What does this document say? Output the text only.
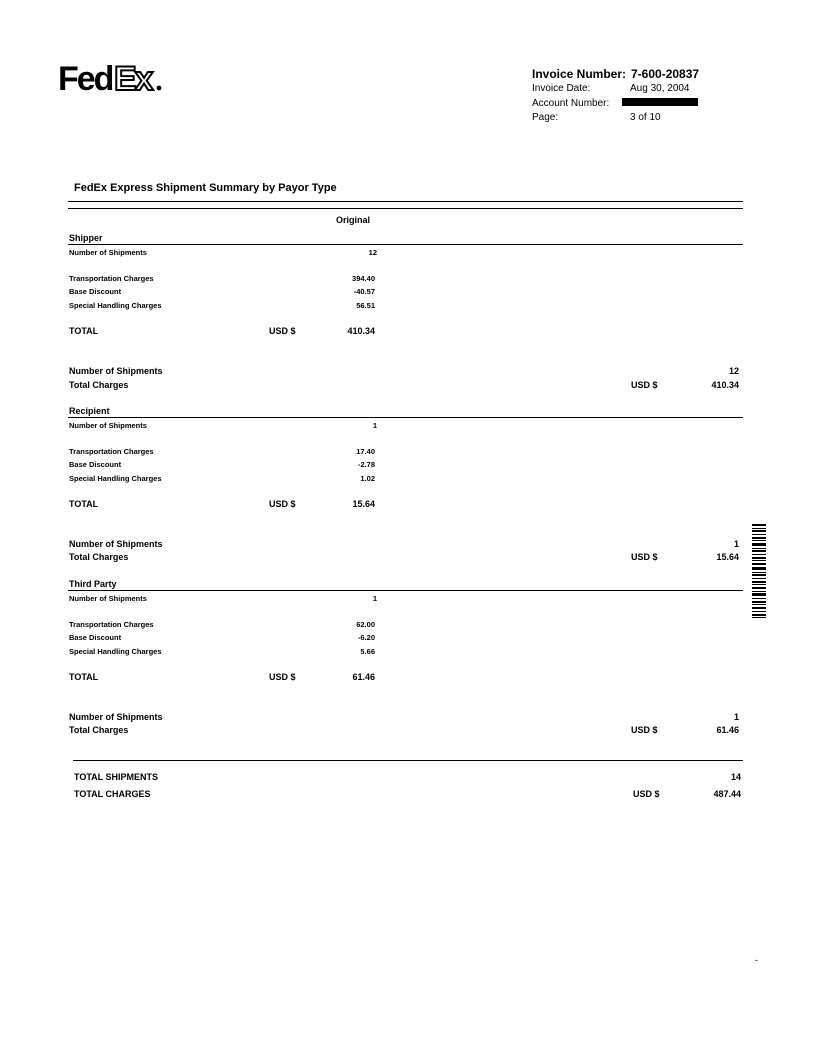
Fed Ex	Invoice Number: 7-600-20837
Invoice Date:	Aug 30, 2004
Account Number:
Page:	3 of 10
FedEx Express Shipment Summary by Payor Type
Original
Shipper
Number of Shipments	12
Transportation Charges	394.40
Base Discount	-40.57
Special Handling Charges	56.51
TOTAL	USD $	410.34
Number of Shipments	12
Total Charges	USD $	410.34
Recipient
Number of Shipments	1
Transportation Charges	17.40
Base Discount	-2.78
Special Handling Charges	1.02
TOTAL	USD $	15.64
Number of Shipments	1
Total Charges	USD $	15.64
Third Party
Number of Shipments	1
Transportation Charges	62.00
Base Discount	-6.20
Special Handling Charges	5.66
TOTAL	USD $	61.46
Number of Shipments	1
Total Charges	USD $	61.46
TOTAL SHIPMENTS	14
TOTAL CHARGES	USD $	487.44
-
